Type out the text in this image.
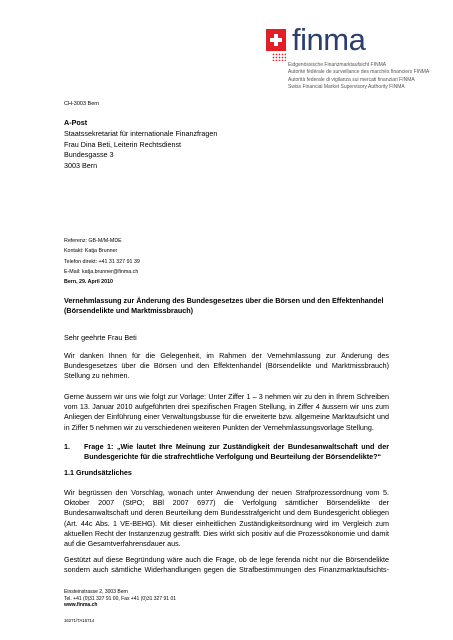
finma
Eidgenössische Finanzmarktaufsicht FINMA
Autorité fédérale de surveillance des marchés financiers FINMA
Autorità federale di vigilanza sui mercati finanziari FINMA
Swiss Financial Market Supervisory Authority FINMA
CH-3003 Bern
A-Post
Staatssekretariat für internationale Finanzfragen
Frau Dina Beti, Leiterin Rechtsdienst
Bundesgasse 3
3003 Bern
Referenz: GB-M/M-MDE
Kontakt: Katja Brunner
Telefon direkt: +41 31 327 91 39
E-Mail: katja.brunner@finma.ch
Bern, 29. April 2010
Vernehmlassung zur Änderung des Bundesgesetzes über die Börsen und den Effektenhandel
(Börsendelikte und Marktmissbrauch)
Sehr geehrte Frau Beti
Wir danken Ihnen für die Gelegenheit, im Rahmen der Vernehmlassung zur Änderung des Bundesgesetzes über die Börsen und den Effektenhandel (Börsendelikte und Marktmissbrauch) Stellung zu nehmen.
Gerne äussern wir uns wie folgt zur Vorlage: Unter Ziffer 1 – 3 nehmen wir zu den in Ihrem Schreiben vom 13. Januar 2010 aufgeführten drei spezifischen Fragen Stellung, in Ziffer 4 äussern wir uns zum Anliegen der Einführung einer Verwaltungsbusse für die erweiterte bzw. allgemeine Marktaufsicht und in Ziffer 5 nehmen wir zu verschiedenen weiteren Punkten der Vernehmlassungsvorlage Stellung.
1. Frage 1: „Wie lautet Ihre Meinung zur Zuständigkeit der Bundesanwaltschaft und der Bundesgerichte für die strafrechtliche Verfolgung und Beurteilung der Börsendelikte?“
1.1 Grundsätzliches
Wir begrüssen den Vorschlag, wonach unter Anwendung der neuen Strafprozessordnung vom 5. Oktober 2007 (StPO; BBl 2007 6977) die Verfolgung sämtlicher Börsendelikte der Bundesanwaltschaft und deren Beurteilung dem Bundesstrafgericht und dem Bundesgericht obliegen (Art. 44c Abs. 1 VE-BEHG). Mit dieser einheitlichen Zuständigkeitsordnung wird im Vergleich zum aktuellen Recht der Instanzenzug gestrafft. Dies wirkt sich positiv auf die Prozessökonomie und damit auf die Gesamtverfahrensdauer aus.
Gestützt auf diese Begründung wäre auch die Frage, ob de lege ferenda nicht nur die Börsendelikte sondern auch sämtliche Widerhandlungen gegen die Strafbestimmungen des Finanzmarktaufsichts-
Einsteinstrasse 2, 3003 Bern
Tel. +41 (0)31 327 91 00, Fax +41 (0)31 327 91 01
www.finma.ch
16271/TA15714
